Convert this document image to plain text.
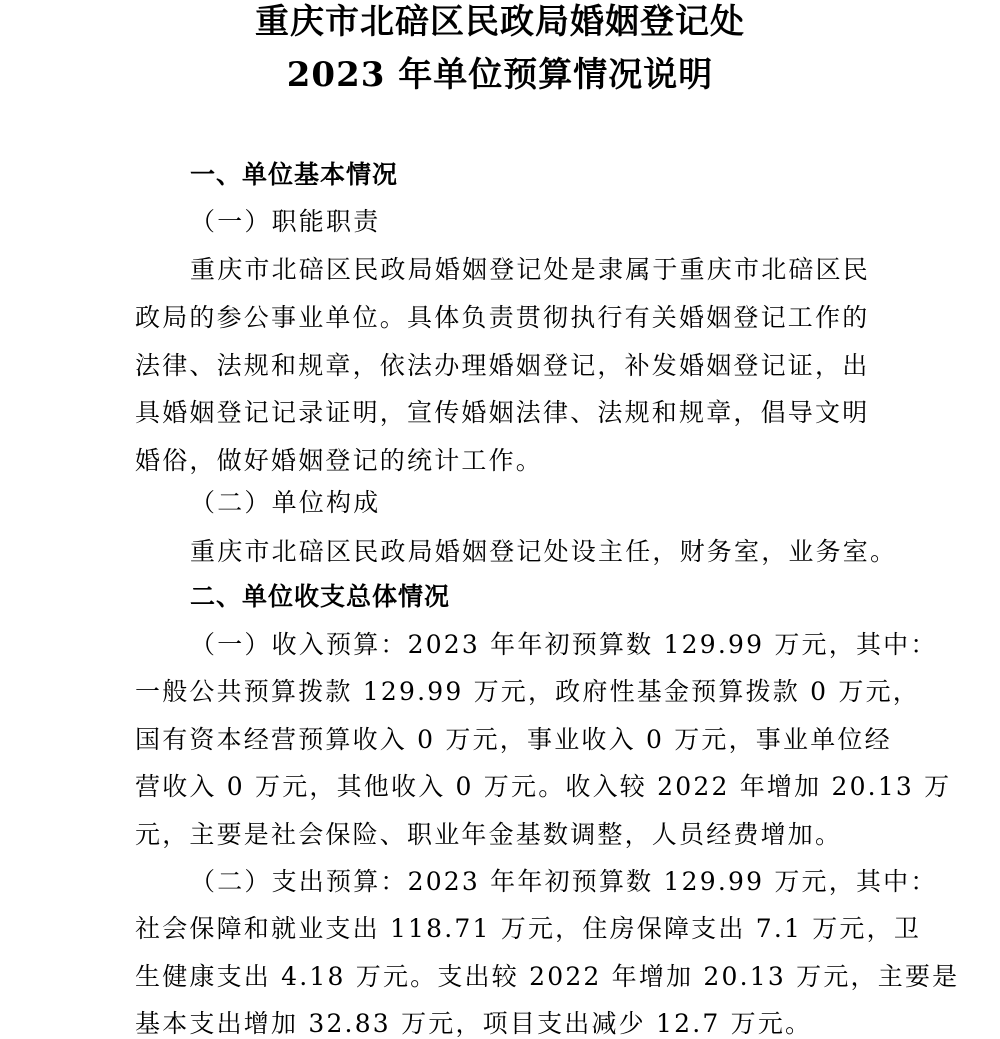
重庆市北碚区民政局婚姻登记处
2023 年单位预算情况说明
一、单位基本情况
（一）职能职责
重庆市北碚区民政局婚姻登记处是隶属于重庆市北碚区民
政局的参公事业单位。具体负责贯彻执行有关婚姻登记工作的
法律、法规和规章，依法办理婚姻登记，补发婚姻登记证，出
具婚姻登记记录证明，宣传婚姻法律、法规和规章，倡导文明
婚俗，做好婚姻登记的统计工作。
（二）单位构成
重庆市北碚区民政局婚姻登记处设主任，财务室，业务室。
二、单位收支总体情况
（一）收入预算：2023 年年初预算数 129.99 万元，其中：
一般公共预算拨款 129.99 万元，政府性基金预算拨款 0 万元，
国有资本经营预算收入 0 万元，事业收入 0 万元，事业单位经
营收入 0 万元，其他收入 0 万元。收入较 2022 年增加 20.13 万
元，主要是社会保险、职业年金基数调整，人员经费增加。
（二）支出预算：2023 年年初预算数 129.99 万元，其中：
社会保障和就业支出 118.71 万元，住房保障支出 7.1 万元，卫
生健康支出 4.18 万元。支出较 2022 年增加 20.13 万元，主要是
基本支出增加 32.83 万元，项目支出减少 12.7 万元。
